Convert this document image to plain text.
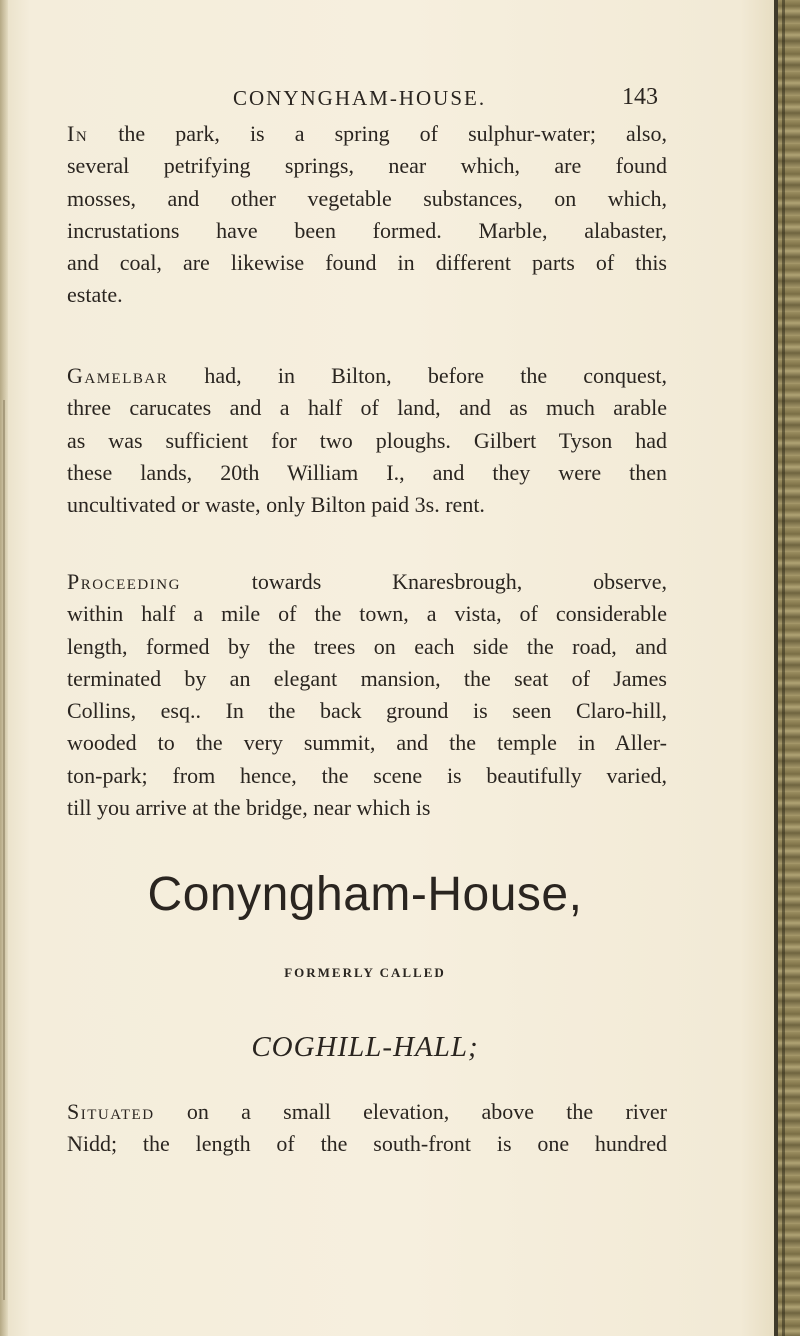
CONYNGHAM-HOUSE.	143
In the park, is a spring of sulphur-water; also,
several petrifying springs, near which, are found
mosses, and other vegetable substances, on which,
incrustations have been formed. Marble, alabaster,
and coal, are likewise found in different parts of this
estate.
Gamelbar had, in Bilton, before the conquest,
three carucates and a half of land, and as much arable
as was sufficient for two ploughs. Gilbert Tyson had
these lands, 20th William I., and they were then
uncultivated or waste, only Bilton paid 3s. rent.
Proceeding towards Knaresbrough, observe,
within half a mile of the town, a vista, of considerable
length, formed by the trees on each side the road, and
terminated by an elegant mansion, the seat of James
Collins, esq.. In the back ground is seen Claro-hill,
wooded to the very summit, and the temple in Aller-
ton-park; from hence, the scene is beautifully varied,
till you arrive at the bridge, near which is
Conyngham-House,
FORMERLY CALLED
COGHILL-HALL;
Situated on a small elevation, above the river
Nidd; the length of the south-front is one hundred
